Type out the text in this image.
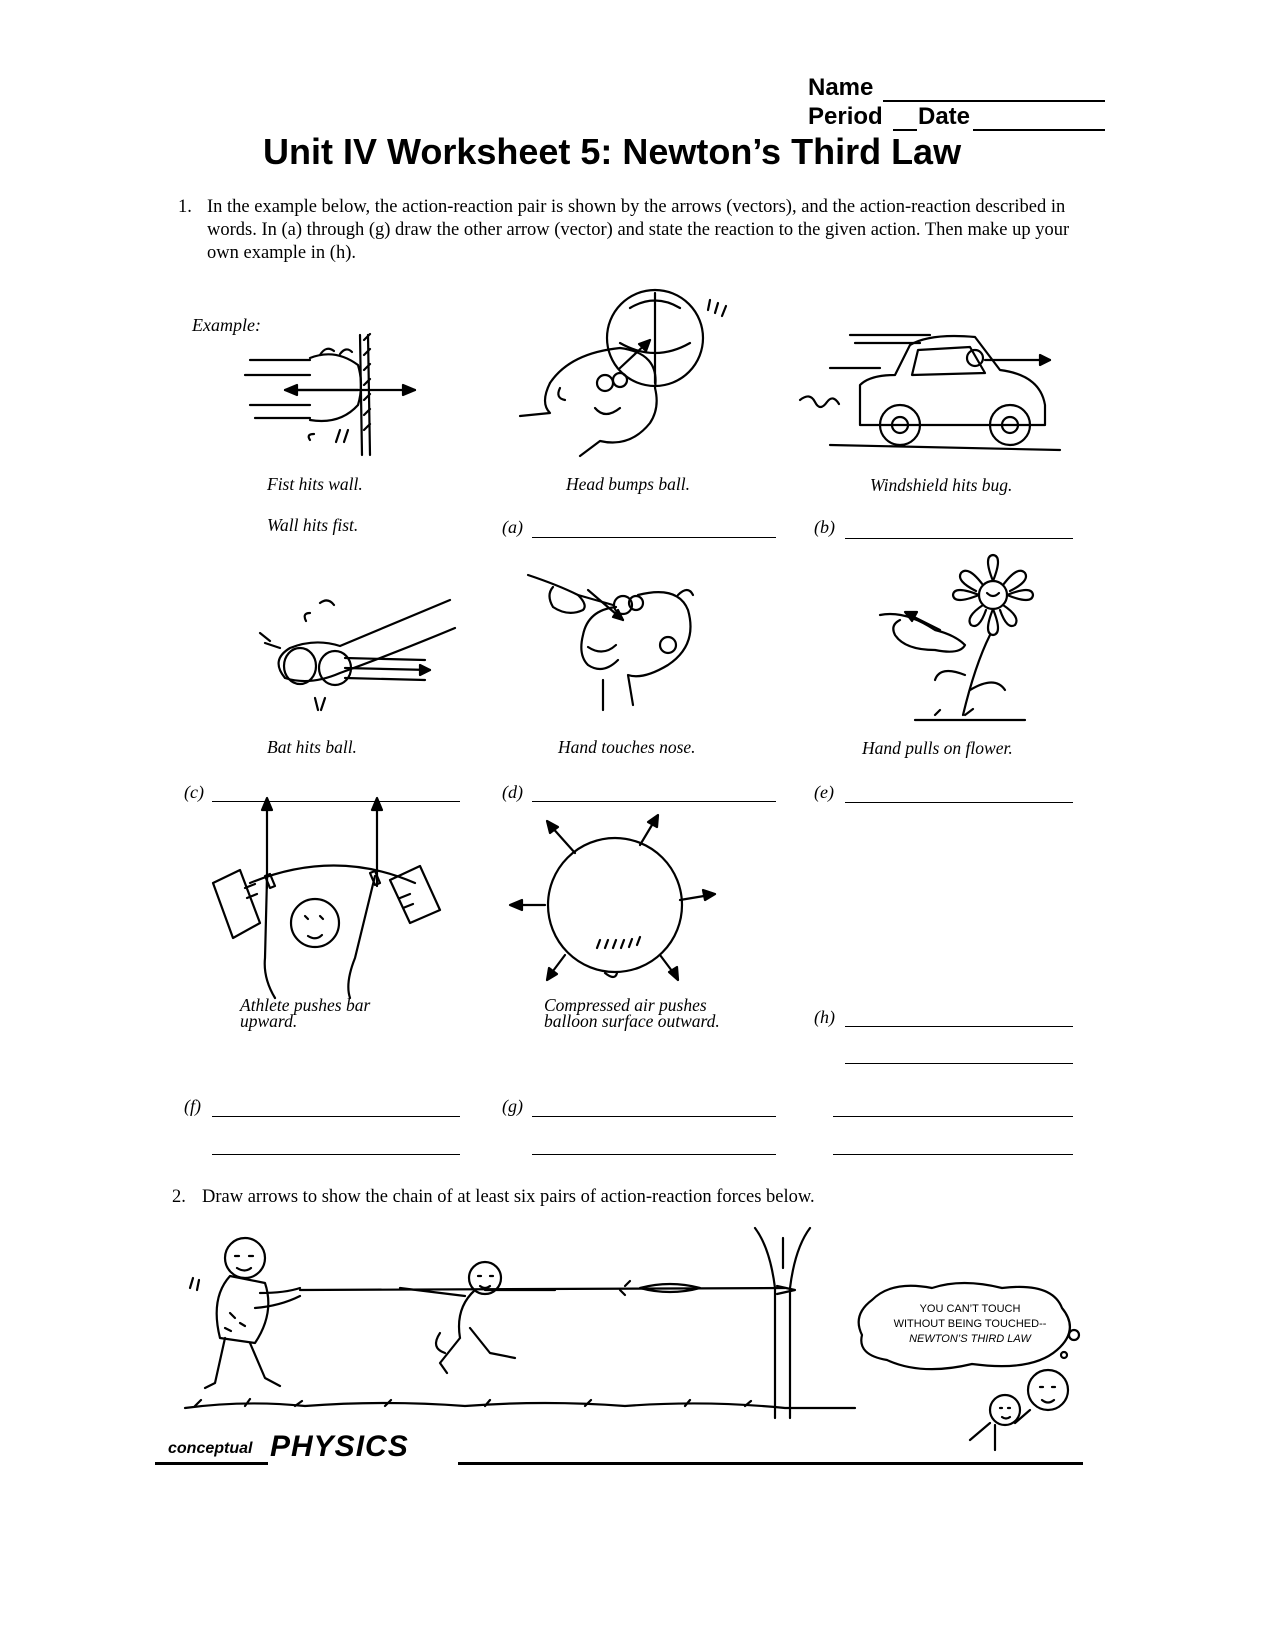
Name
Period Date
Unit IV Worksheet 5: Newton’s Third Law
1. In the example below, the action-reaction pair is shown by the arrows (vectors), and the action-reaction described in words. In (a) through (g) draw the other arrow (vector) and state the reaction to the given action. Then make up your own example in (h).
Example:
Fist hits wall.
Wall hits fist.
Head bumps ball.
(a)
Windshield hits bug.
(b)
Bat hits ball.
(c)
Hand touches nose.
(d)
Hand pulls on flower.
(e)
Athlete pushes bar
upward.
(f)
Compressed air pushes
balloon surface outward.
(g)
(h)
2. Draw arrows to show the chain of at least six pairs of action-reaction forces below.
YOU CAN’T TOUCH
WITHOUT BEING TOUCHED--
NEWTON’S THIRD LAW
conceptual PHYSICS
